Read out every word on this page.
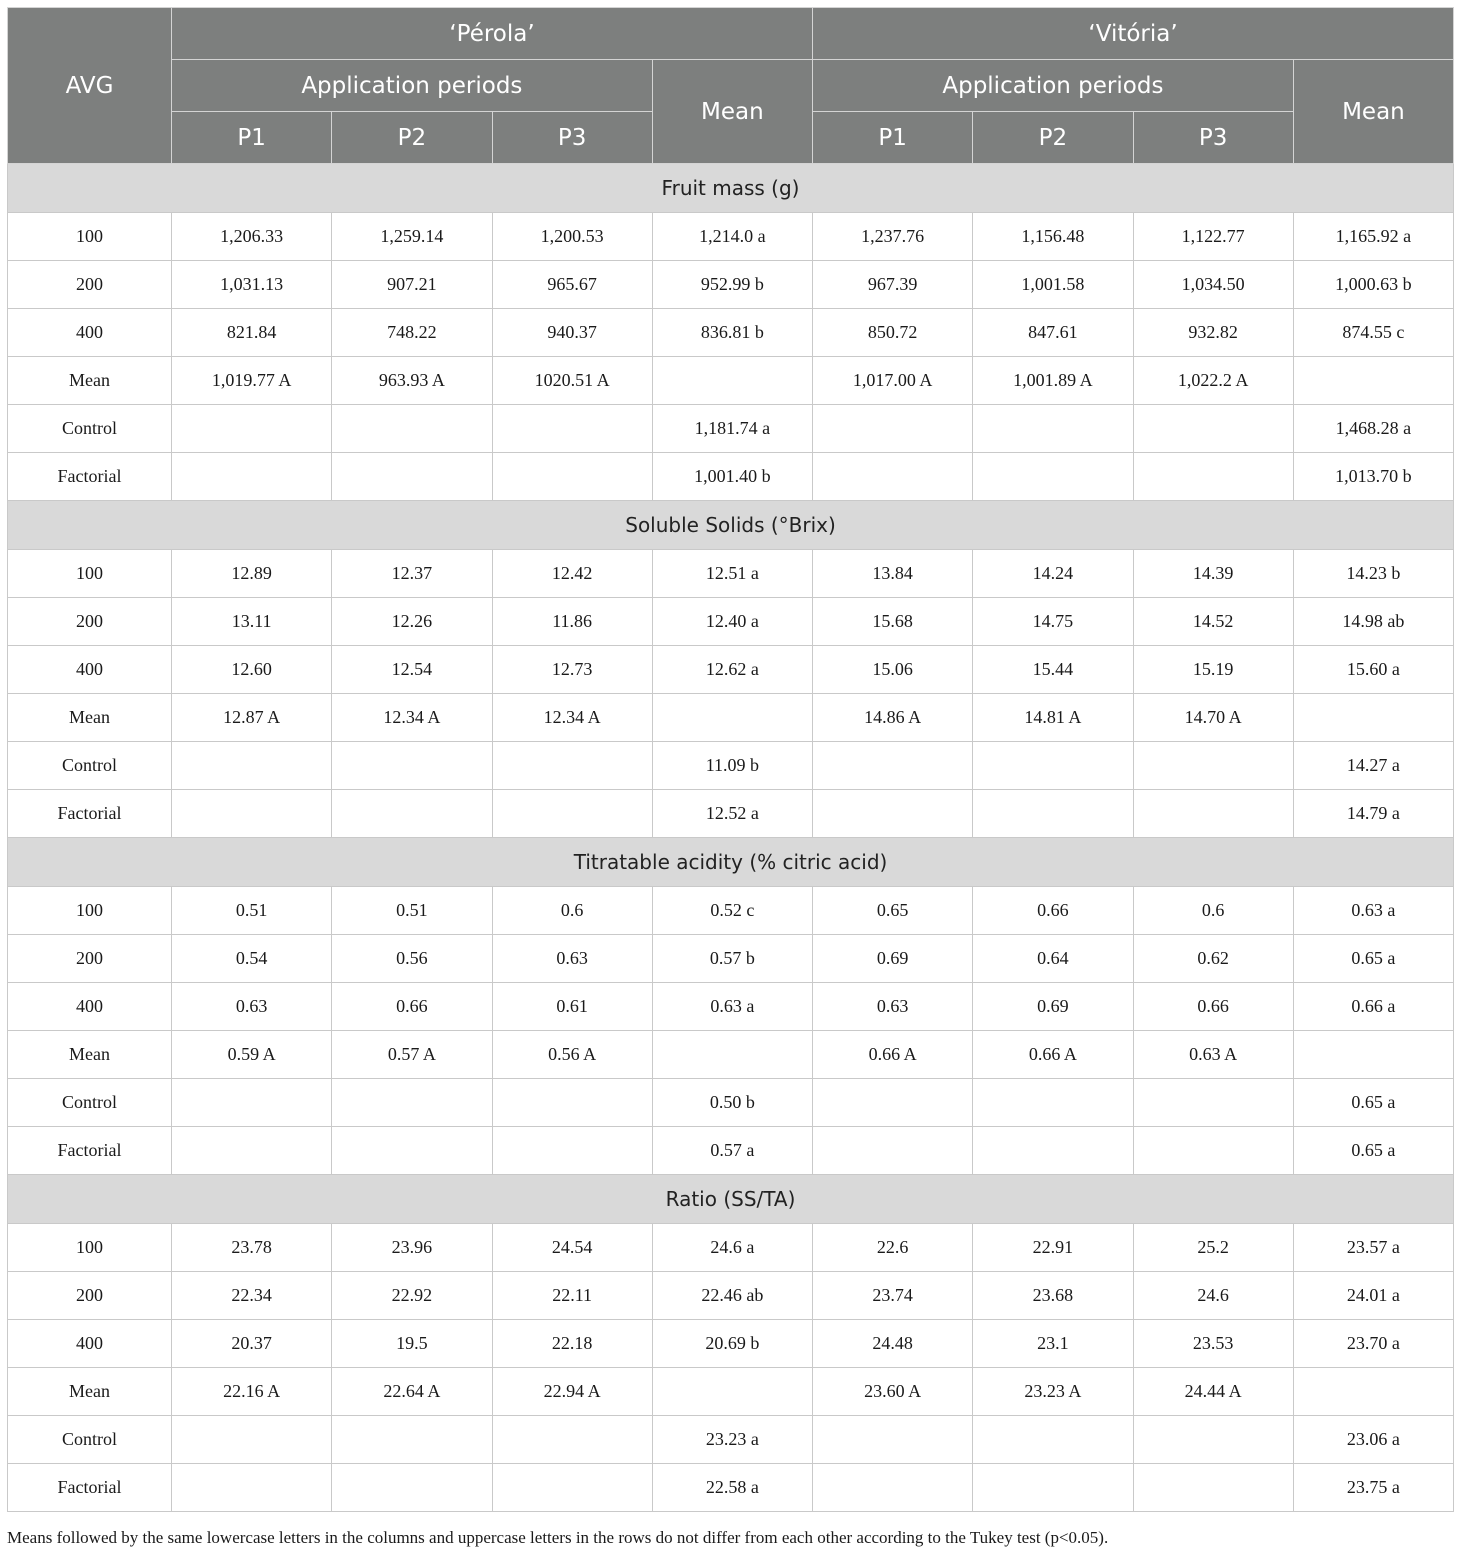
AVG	‘Pérola’				‘Vitória’			
	Application periods			Mean	Application periods			Mean
	P1	P2	P3		P1	P2	P3	
Fruit mass (g)								
100	1,206.33	1,259.14	1,200.53	1,214.0 a	1,237.76	1,156.48	1,122.77	1,165.92 a
200	1,031.13	907.21	965.67	952.99 b	967.39	1,001.58	1,034.50	1,000.63 b
400	821.84	748.22	940.37	836.81 b	850.72	847.61	932.82	874.55 c
Mean	1,019.77 A	963.93 A	1020.51 A		1,017.00 A	1,001.89 A	1,022.2 A	
Control				1,181.74 a				1,468.28 a
Factorial				1,001.40 b				1,013.70 b
Soluble Solids (°Brix)								
100	12.89	12.37	12.42	12.51 a	13.84	14.24	14.39	14.23 b
200	13.11	12.26	11.86	12.40 a	15.68	14.75	14.52	14.98 ab
400	12.60	12.54	12.73	12.62 a	15.06	15.44	15.19	15.60 a
Mean	12.87 A	12.34 A	12.34 A		14.86 A	14.81 A	14.70 A	
Control				11.09 b				14.27 a
Factorial				12.52 a				14.79 a
Titratable acidity (% citric acid)								
100	0.51	0.51	0.6	0.52 c	0.65	0.66	0.6	0.63 a
200	0.54	0.56	0.63	0.57 b	0.69	0.64	0.62	0.65 a
400	0.63	0.66	0.61	0.63 a	0.63	0.69	0.66	0.66 a
Mean	0.59 A	0.57 A	0.56 A		0.66 A	0.66 A	0.63 A	
Control				0.50 b				0.65 a
Factorial				0.57 a				0.65 a
Ratio (SS/TA)								
100	23.78	23.96	24.54	24.6 a	22.6	22.91	25.2	23.57 a
200	22.34	22.92	22.11	22.46 ab	23.74	23.68	24.6	24.01 a
400	20.37	19.5	22.18	20.69 b	24.48	23.1	23.53	23.70 a
Mean	22.16 A	22.64 A	22.94 A		23.60 A	23.23 A	24.44 A	
Control				23.23 a				23.06 a
Factorial				22.58 a				23.75 a
Means followed by the same lowercase letters in the columns and uppercase letters in the rows do not differ from each other according to the Tukey test (p<0.05).
